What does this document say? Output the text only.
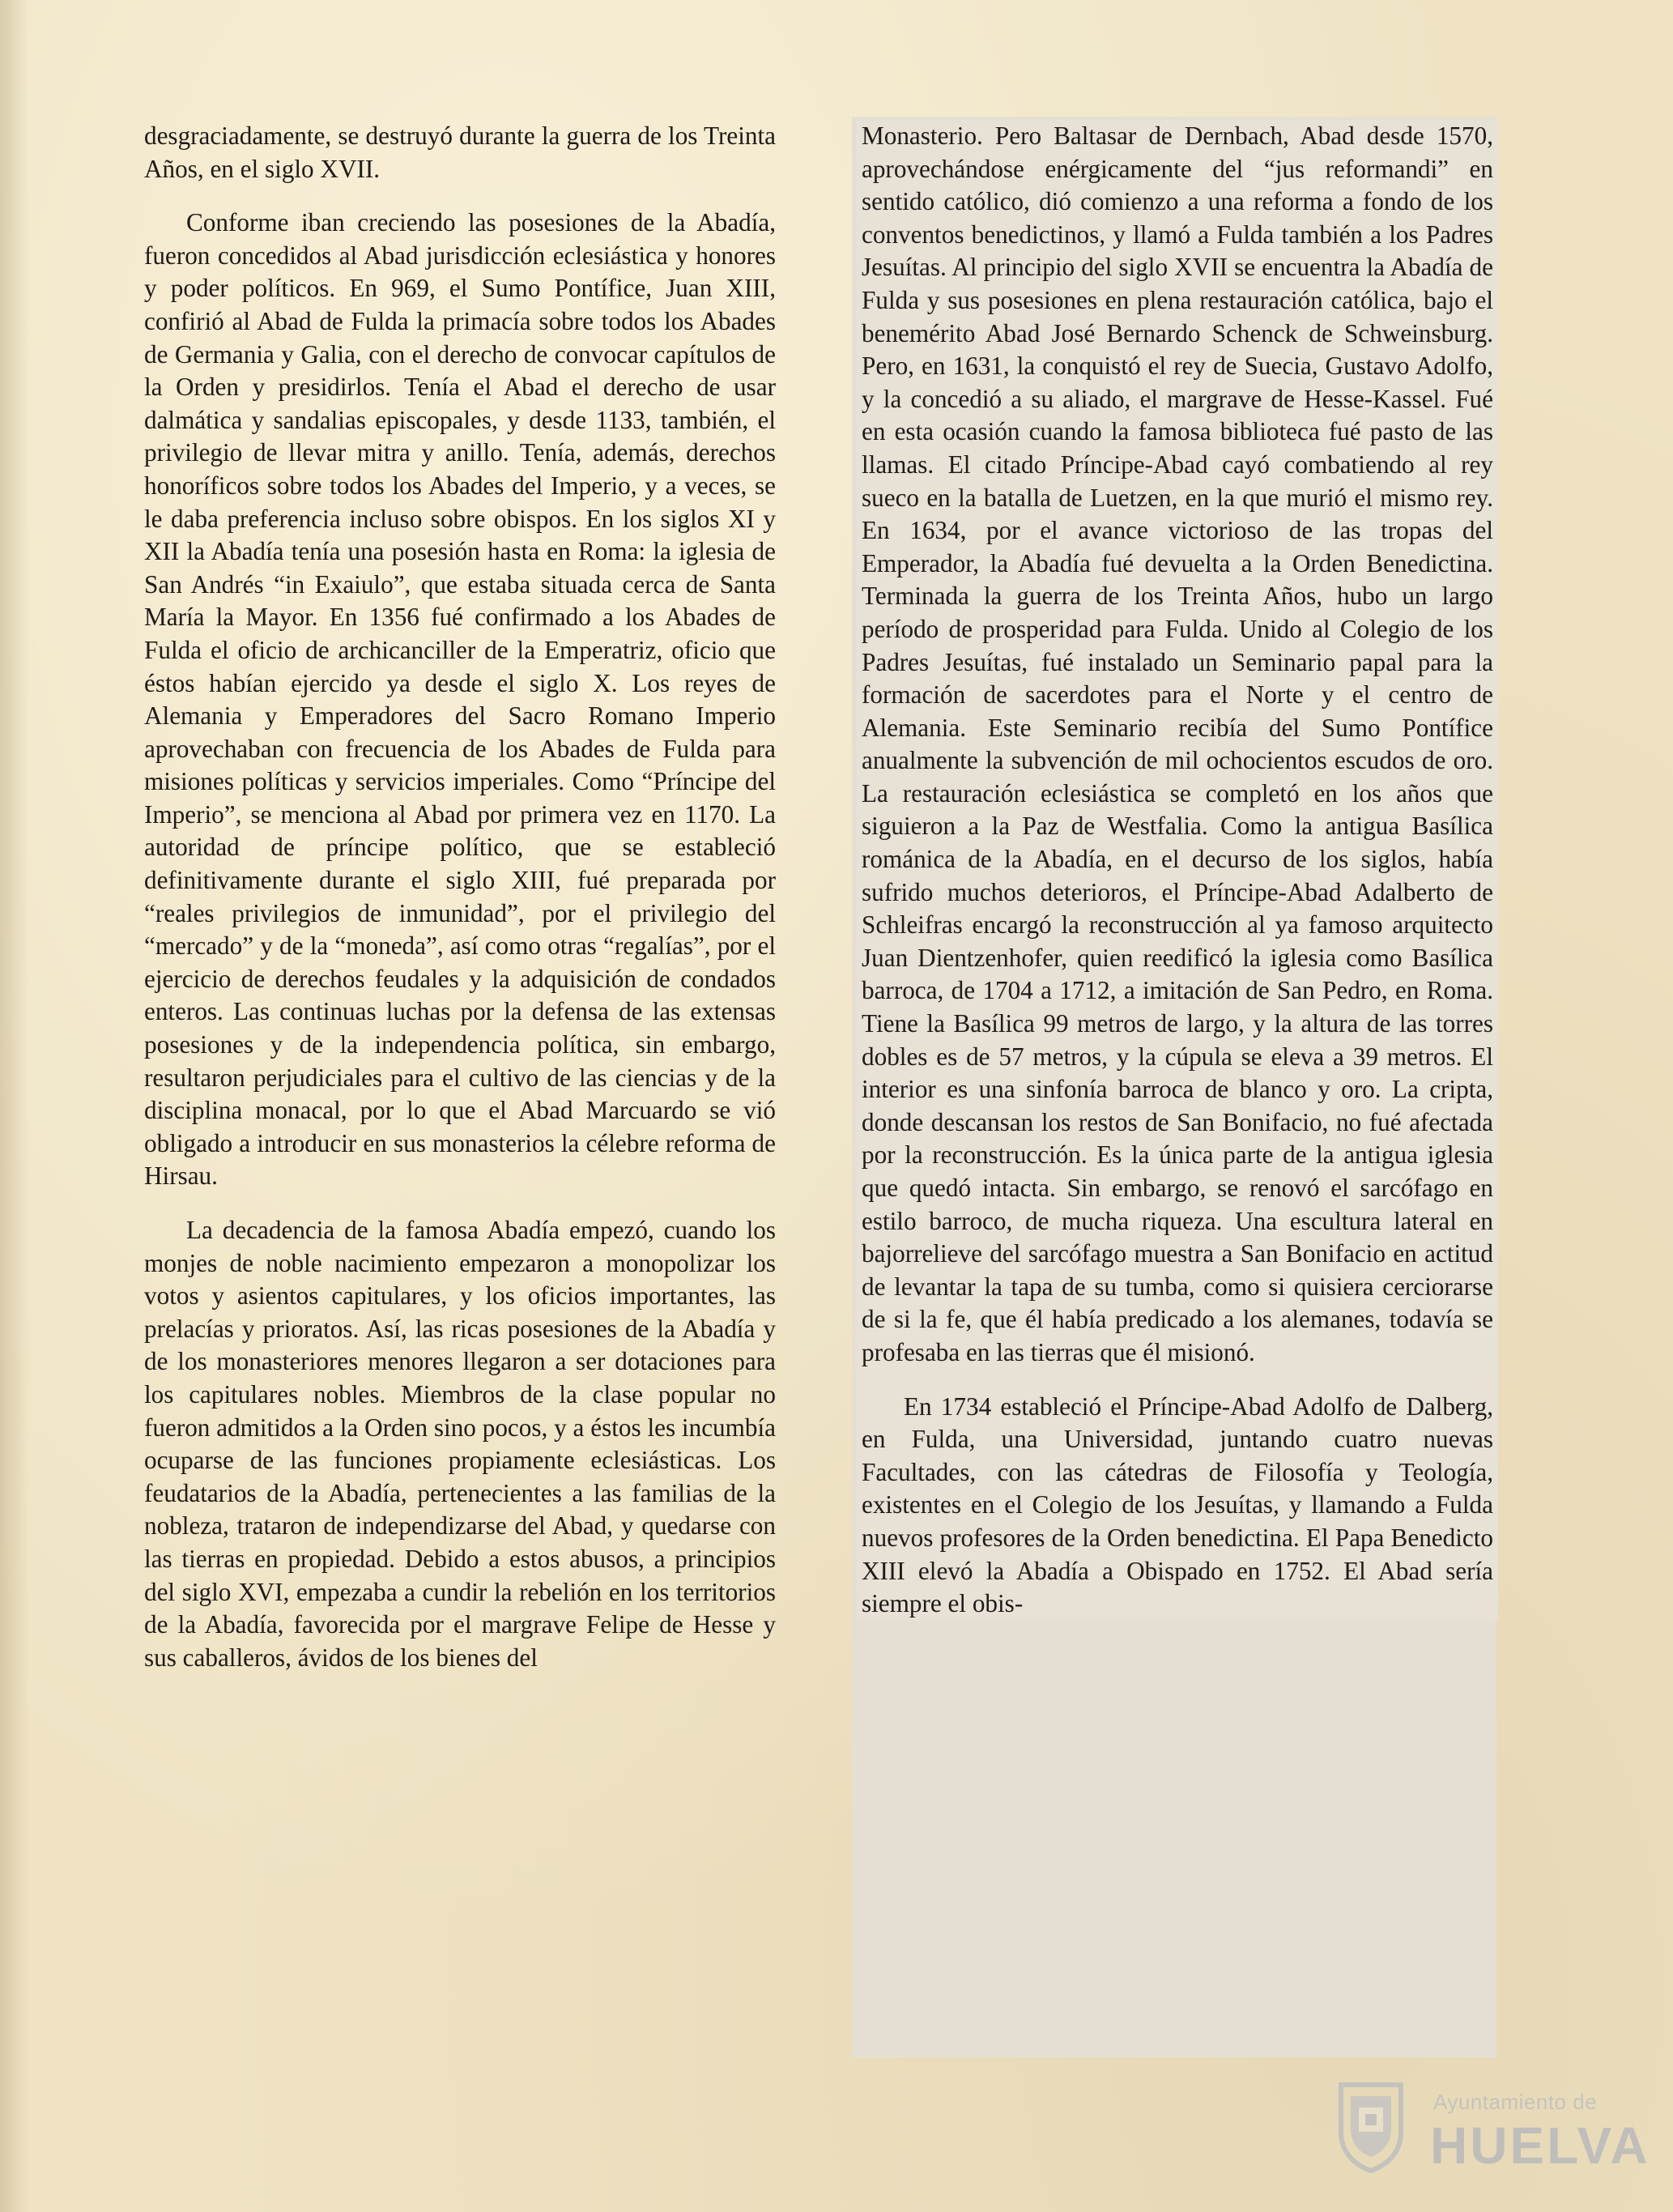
desgraciadamente, se destruyó durante la guerra de los Treinta Años, en el siglo XVII.

Conforme iban creciendo las posesiones de la Abadía, fueron concedidos al Abad jurisdicción eclesiástica y honores y poder políticos. En 969, el Sumo Pontífice, Juan XIII, confirió al Abad de Fulda la primacía sobre todos los Abades de Germania y Galia, con el derecho de convocar capítulos de la Orden y presidirlos. Tenía el Abad el derecho de usar dalmática y sandalias episcopales, y desde 1133, también, el privilegio de llevar mitra y anillo. Tenía, además, derechos honoríficos sobre todos los Abades del Imperio, y a veces, se le daba preferencia incluso sobre obispos. En los siglos XI y XII la Abadía tenía una posesión hasta en Roma: la iglesia de San Andrés “in Exaiulo”, que estaba situada cerca de Santa María la Mayor. En 1356 fué confirmado a los Abades de Fulda el oficio de archicanciller de la Emperatriz, oficio que éstos habían ejercido ya desde el siglo X. Los reyes de Alemania y Emperadores del Sacro Romano Imperio aprovechaban con frecuencia de los Abades de Fulda para misiones políticas y servicios imperiales. Como “Príncipe del Imperio”, se menciona al Abad por primera vez en 1170. La autoridad de príncipe político, que se estableció definitivamente durante el siglo XIII, fué preparada por “reales privilegios de inmunidad”, por el privilegio del “mercado” y de la “moneda”, así como otras “regalías”, por el ejercicio de derechos feudales y la adquisición de condados enteros. Las continuas luchas por la defensa de las extensas posesiones y de la independencia política, sin embargo, resultaron perjudiciales para el cultivo de las ciencias y de la disciplina monacal, por lo que el Abad Marcuardo se vió obligado a introducir en sus monasterios la célebre reforma de Hirsau.

La decadencia de la famosa Abadía empezó, cuando los monjes de noble nacimiento empezaron a monopolizar los votos y asientos capitulares, y los oficios importantes, las prelacías y prioratos. Así, las ricas posesiones de la Abadía y de los monasteriores menores llegaron a ser dotaciones para los capitulares nobles. Miembros de la clase popular no fueron admitidos a la Orden sino pocos, y a éstos les incumbía ocuparse de las funciones propiamente eclesiásticas. Los feudatarios de la Abadía, pertenecientes a las familias de la nobleza, trataron de independizarse del Abad, y quedarse con las tierras en propiedad. Debido a estos abusos, a principios del siglo XVI, empezaba a cundir la rebelión en los territorios de la Abadía, favorecida por el margrave Felipe de Hesse y sus caballeros, ávidos de los bienes del

Monasterio. Pero Baltasar de Dernbach, Abad desde 1570, aprovechándose enérgicamente del “jus reformandi” en sentido católico, dió comienzo a una reforma a fondo de los conventos benedictinos, y llamó a Fulda también a los Padres Jesuítas. Al principio del siglo XVII se encuentra la Abadía de Fulda y sus posesiones en plena restauración católica, bajo el benemérito Abad José Bernardo Schenck de Schweinsburg. Pero, en 1631, la conquistó el rey de Suecia, Gustavo Adolfo, y la concedió a su aliado, el margrave de Hesse-Kassel. Fué en esta ocasión cuando la famosa biblioteca fué pasto de las llamas. El citado Príncipe-Abad cayó combatiendo al rey sueco en la batalla de Luetzen, en la que murió el mismo rey. En 1634, por el avance victorioso de las tropas del Emperador, la Abadía fué devuelta a la Orden Benedictina. Terminada la guerra de los Treinta Años, hubo un largo período de prosperidad para Fulda. Unido al Colegio de los Padres Jesuítas, fué instalado un Seminario papal para la formación de sacerdotes para el Norte y el centro de Alemania. Este Seminario recibía del Sumo Pontífice anualmente la subvención de mil ochocientos escudos de oro. La restauración eclesiástica se completó en los años que siguieron a la Paz de Westfalia. Como la antigua Basílica románica de la Abadía, en el decurso de los siglos, había sufrido muchos deterioros, el Príncipe-Abad Adalberto de Schleifras encargó la reconstrucción al ya famoso arquitecto Juan Dientzenhofer, quien reedificó la iglesia como Basílica barroca, de 1704 a 1712, a imitación de San Pedro, en Roma. Tiene la Basílica 99 metros de largo, y la altura de las torres dobles es de 57 metros, y la cúpula se eleva a 39 metros. El interior es una sinfonía barroca de blanco y oro. La cripta, donde descansan los restos de San Bonifacio, no fué afectada por la reconstrucción. Es la única parte de la antigua iglesia que quedó intacta. Sin embargo, se renovó el sarcófago en estilo barroco, de mucha riqueza. Una escultura lateral en bajorrelieve del sarcófago muestra a San Bonifacio en actitud de levantar la tapa de su tumba, como si quisiera cerciorarse de si la fe, que él había predicado a los alemanes, todavía se profesaba en las tierras que él misionó.

En 1734 estableció el Príncipe-Abad Adolfo de Dalberg, en Fulda, una Universidad, juntando cuatro nuevas Facultades, con las cátedras de Filosofía y Teología, existentes en el Colegio de los Jesuítas, y llamando a Fulda nuevos profesores de la Orden benedictina. El Papa Benedicto XIII elevó la Abadía a Obispado en 1752. El Abad sería siempre el obis-

Ayuntamiento de
HUELVA
